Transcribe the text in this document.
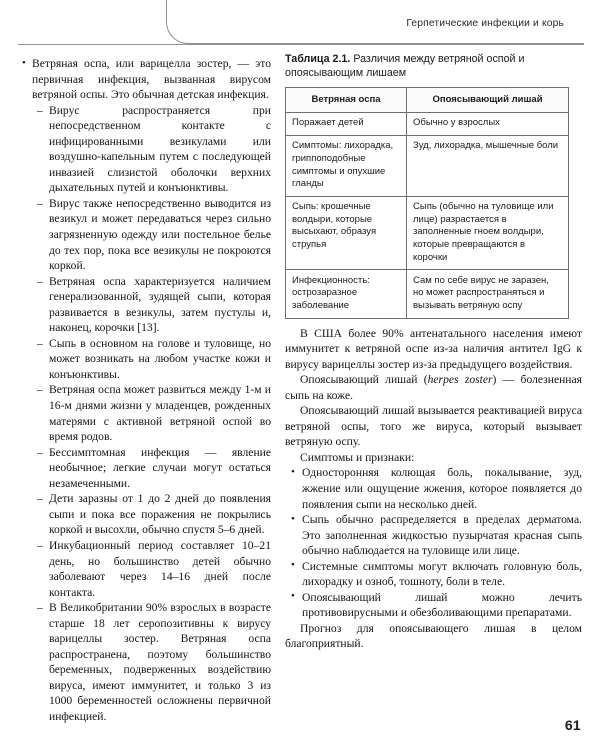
Герпетические инфекции и корь
• Ветряная оспа, или варицелла зостер, — это первичная инфекция, вызванная вирусом ветряной оспы. Это обычная детская инфекция.
– Вирус распространяется при непосредственном контакте с инфицированными везикулами или воздушно-капельным путем с последующей инвазией слизистой оболочки верхних дыхательных путей и конъюнктивы.
– Вирус также непосредственно выводится из везикул и может передаваться через сильно загрязненную одежду или постельное белье до тех пор, пока все везикулы не покроются коркой.
– Ветряная оспа характеризуется наличием генерализованной, зудящей сыпи, которая развивается в везикулы, затем пустулы и, наконец, корочки [13].
– Сыпь в основном на голове и туловище, но может возникать на любом участке кожи и конъюнктивы.
– Ветряная оспа может развиться между 1-м и 16-м днями жизни у младенцев, рожденных матерями с активной ветряной оспой во время родов.
– Бессимптомная инфекция — явление необычное; легкие случаи могут остаться незамеченными.
– Дети заразны от 1 до 2 дней до появления сыпи и пока все поражения не покрылись коркой и высохли, обычно спустя 5–6 дней.
– Инкубационный период составляет 10–21 день, но большинство детей обычно заболевают через 14–16 дней после контакта.
– В Великобритании 90% взрослых в возрасте старше 18 лет серопозитивны к вирусу варицеллы зостер. Ветряная оспа распространена, поэтому большинство беременных, подверженных воздействию вируса, имеют иммунитет, и только 3 из 1000 беременностей осложнены первичной инфекцией.
Таблица 2.1. Различия между ветряной оспой и опоясывающим лишаем
Ветряная оспа	Опоясывающий лишай
Поражает детей	Обычно у взрослых
Симптомы: лихорадка, гриппоподобные симптомы и опухшие гланды	Зуд, лихорадка, мышечные боли
Сыпь: крошечные волдыри, которые высыхают, образуя струпья	Сыпь (обычно на туловище или лице) разрастается в заполненные гноем волдыри, которые превращаются в корочки
Инфекционность: острозаразное заболевание	Сам по себе вирус не заразен, но может распространяться и вызывать ветряную оспу

В США более 90% антенатального населения имеют иммунитет к ветряной оспе из-за наличия антител IgG к вирусу варицеллы зостер из-за предыдущего воздействия.

Опоясывающий лишай (herpes zoster) — болезненная сыпь на коже.

Опоясывающий лишай вызывается реактивацией вируса ветряной оспы, того же вируса, который вызывает ветряную оспу.

Симптомы и признаки:

• Односторонняя колющая боль, покалывание, зуд, жжение или ощущение жжения, которое появляется до появления сыпи на несколько дней.
• Сыпь обычно распределяется в пределах дерматома. Это заполненная жидкостью пузырчатая красная сыпь обычно наблюдается на туловище или лице.
• Системные симптомы могут включать головную боль, лихорадку и озноб, тошноту, боли в теле.
• Опоясывающий лишай можно лечить противовирусными и обезболивающими препаратами.

Прогноз для опоясывающего лишая в целом благоприятный.

61
